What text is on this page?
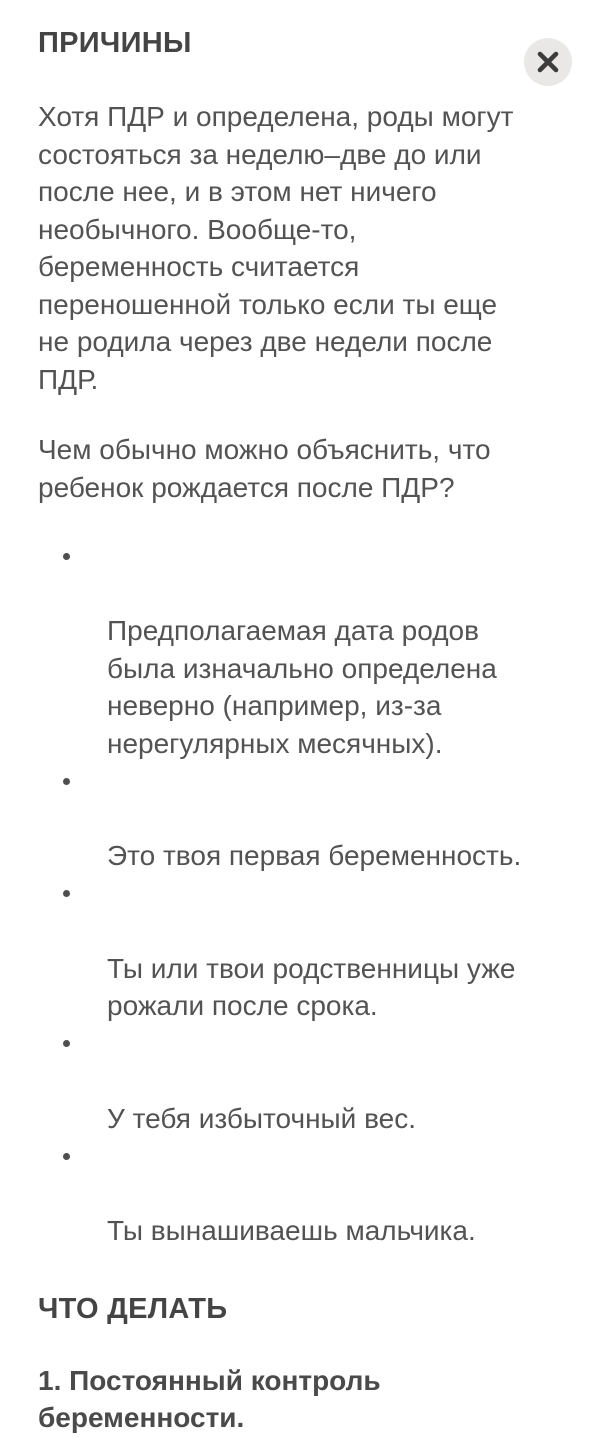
ПРИЧИНЫ

Хотя ПДР и определена, роды могут
состояться за неделю–две до или
после нее, и в этом нет ничего
необычного. Вообще-то,
беременность считается
переношенной только если ты еще
не родила через две недели после
ПДР.

Чем обычно можно объяснить, что
ребенок рождается после ПДР?

Предполагаемая дата родов
была изначально определена
неверно (например, из-за
нерегулярных месячных).

Это твоя первая беременность.

Ты или твои родственницы уже
рожали после срока.

У тебя избыточный вес.

Ты вынашиваешь мальчика.

ЧТО ДЕЛАТЬ

1. Постоянный контроль
беременности.
